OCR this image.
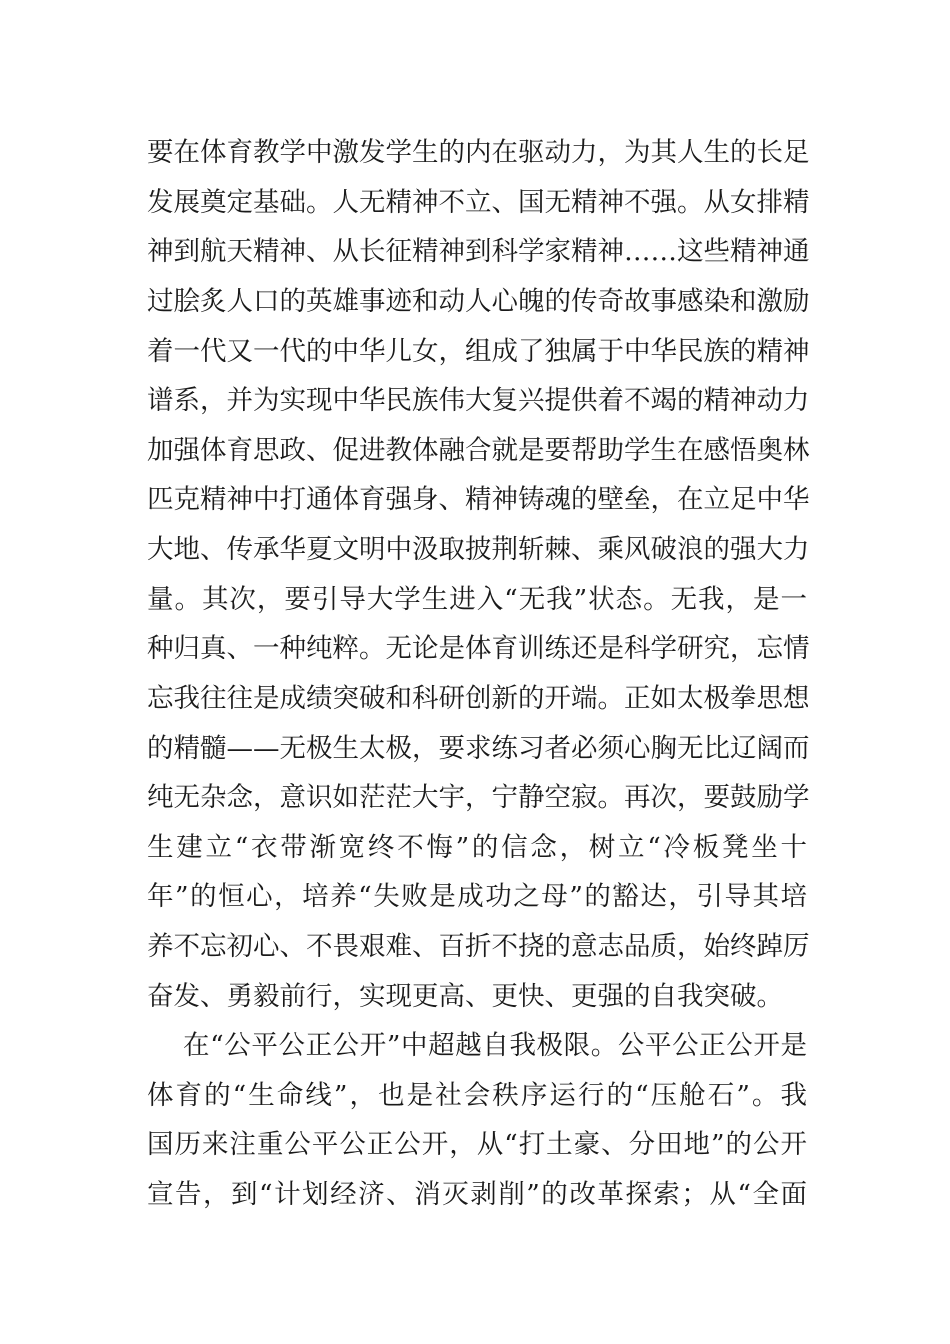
要在体育教学中激发学生的内在驱动力，为其人生的长足

发展奠定基础。人无精神不立、国无精神不强。从女排精

神到航天精神、从长征精神到科学家精神……这些精神通

过脍炙人口的英雄事迹和动人心魄的传奇故事感染和激励

着一代又一代的中华儿女，组成了独属于中华民族的精神

谱系，并为实现中华民族伟大复兴提供着不竭的精神动力

加强体育思政、促进教体融合就是要帮助学生在感悟奥林

匹克精神中打通体育强身、精神铸魂的壁垒，在立足中华

大地、传承华夏文明中汲取披荆斩棘、乘风破浪的强大力

量。其次，要引导大学生进入“无我”状态。无我，是一

种归真、一种纯粹。无论是体育训练还是科学研究，忘情

忘我往往是成绩突破和科研创新的开端。正如太极拳思想

的精髓——无极生太极，要求练习者必须心胸无比辽阔而

纯无杂念，意识如茫茫大宇，宁静空寂。再次，要鼓励学

生建立“衣带渐宽终不悔”的信念，树立“冷板凳坐十

年”的恒心，培养“失败是成功之母”的豁达，引导其培

养不忘初心、不畏艰难、百折不挠的意志品质，始终踔厉

奋发、勇毅前行，实现更高、更快、更强的自我突破。

在“公平公正公开”中超越自我极限。公平公正公开是

体育的“生命线”，也是社会秩序运行的“压舱石”。我

国历来注重公平公正公开，从“打土豪、分田地”的公开

宣告，到“计划经济、消灭剥削”的改革探索；从“全面
